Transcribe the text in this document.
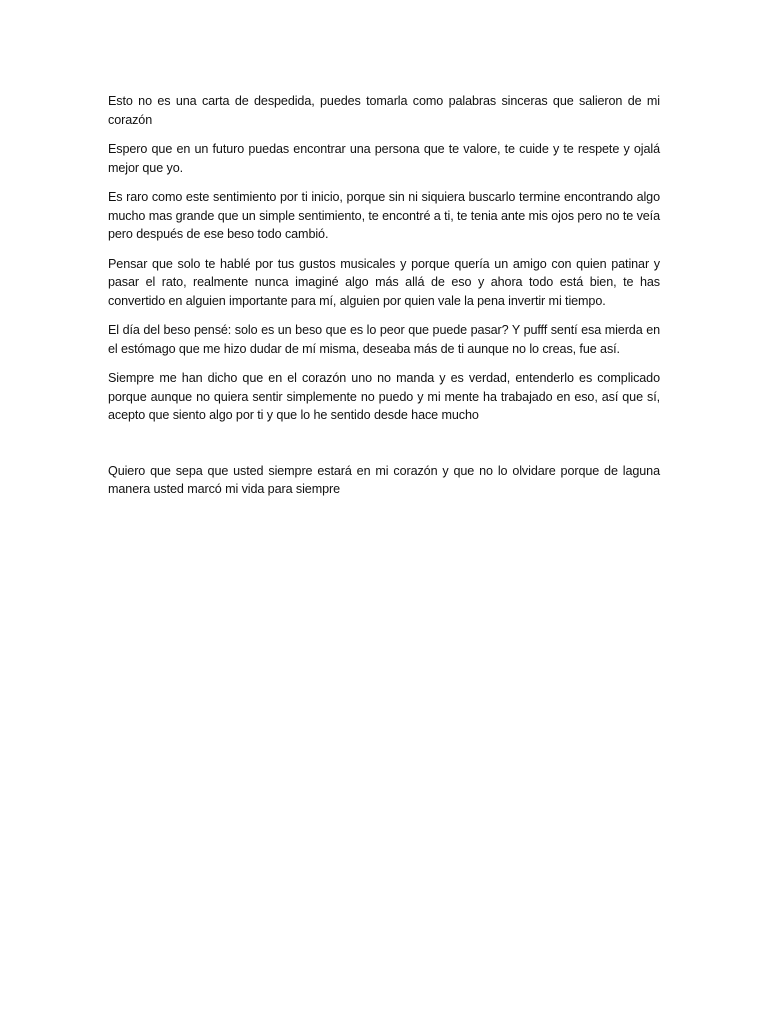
Esto no es una carta de despedida, puedes tomarla como palabras sinceras que salieron de mi corazón

Espero que en un futuro puedas encontrar una persona que te valore, te cuide y te respete y ojalá mejor que yo.

Es raro como este sentimiento por ti inicio, porque sin ni siquiera buscarlo termine encontrando algo mucho mas grande que un simple sentimiento, te encontré a ti, te tenia ante mis ojos pero no te veía pero después de ese beso todo cambió.

Pensar que solo te hablé por tus gustos musicales y porque quería un amigo con quien patinar y pasar el rato, realmente nunca imaginé algo más allá de eso y ahora todo está bien, te has convertido en alguien importante para mí, alguien por quien vale la pena invertir mi tiempo.

El día del beso pensé: solo es un beso que es lo peor que puede pasar? Y pufff sentí esa mierda en el estómago que me hizo dudar de mí misma, deseaba más de ti aunque no lo creas, fue así.

Siempre me han dicho que en el corazón uno no manda y es verdad, entenderlo es complicado porque aunque no quiera sentir simplemente no puedo y mi mente ha trabajado en eso, así que sí, acepto que siento algo por ti y que lo he sentido desde hace mucho

Quiero que sepa que usted siempre estará en mi corazón y que no lo olvidare porque de laguna manera usted marcó mi vida para siempre
